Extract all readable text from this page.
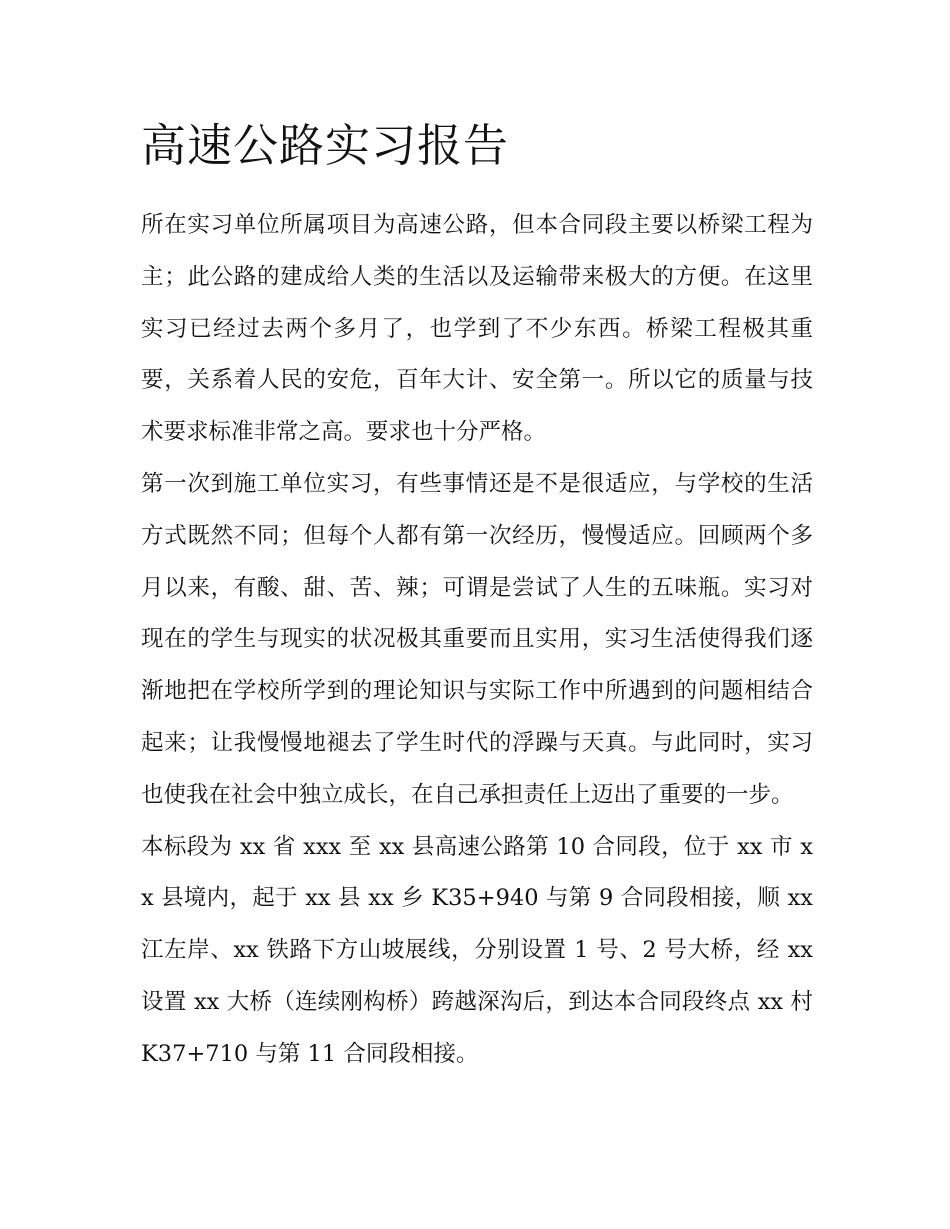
高速公路实习报告

所在实习单位所属项目为高速公路，但本合同段主要以桥梁工程为主；此公路的建成给人类的生活以及运输带来极大的方便。在这里实习已经过去两个多月了，也学到了不少东西。桥梁工程极其重要，关系着人民的安危，百年大计、安全第一。所以它的质量与技术要求标准非常之高。要求也十分严格。

第一次到施工单位实习，有些事情还是不是很适应，与学校的生活方式既然不同；但每个人都有第一次经历，慢慢适应。回顾两个多月以来，有酸、甜、苦、辣；可谓是尝试了人生的五味瓶。实习对现在的学生与现实的状况极其重要而且实用，实习生活使得我们逐渐地把在学校所学到的理论知识与实际工作中所遇到的问题相结合起来；让我慢慢地褪去了学生时代的浮躁与天真。与此同时，实习也使我在社会中独立成长，在自己承担责任上迈出了重要的一步。

本标段为 xx 省 xxx 至 xx 县高速公路第 10 合同段，位于 xx 市 xx 县境内，起于 xx 县 xx 乡 K35+940 与第 9 合同段相接，顺 xx 江左岸、xx 铁路下方山坡展线，分别设置 1 号、2 号大桥，经 xx 设置 xx 大桥（连续刚构桥）跨越深沟后，到达本合同段终点 xx 村 K37+710 与第 11 合同段相接。
